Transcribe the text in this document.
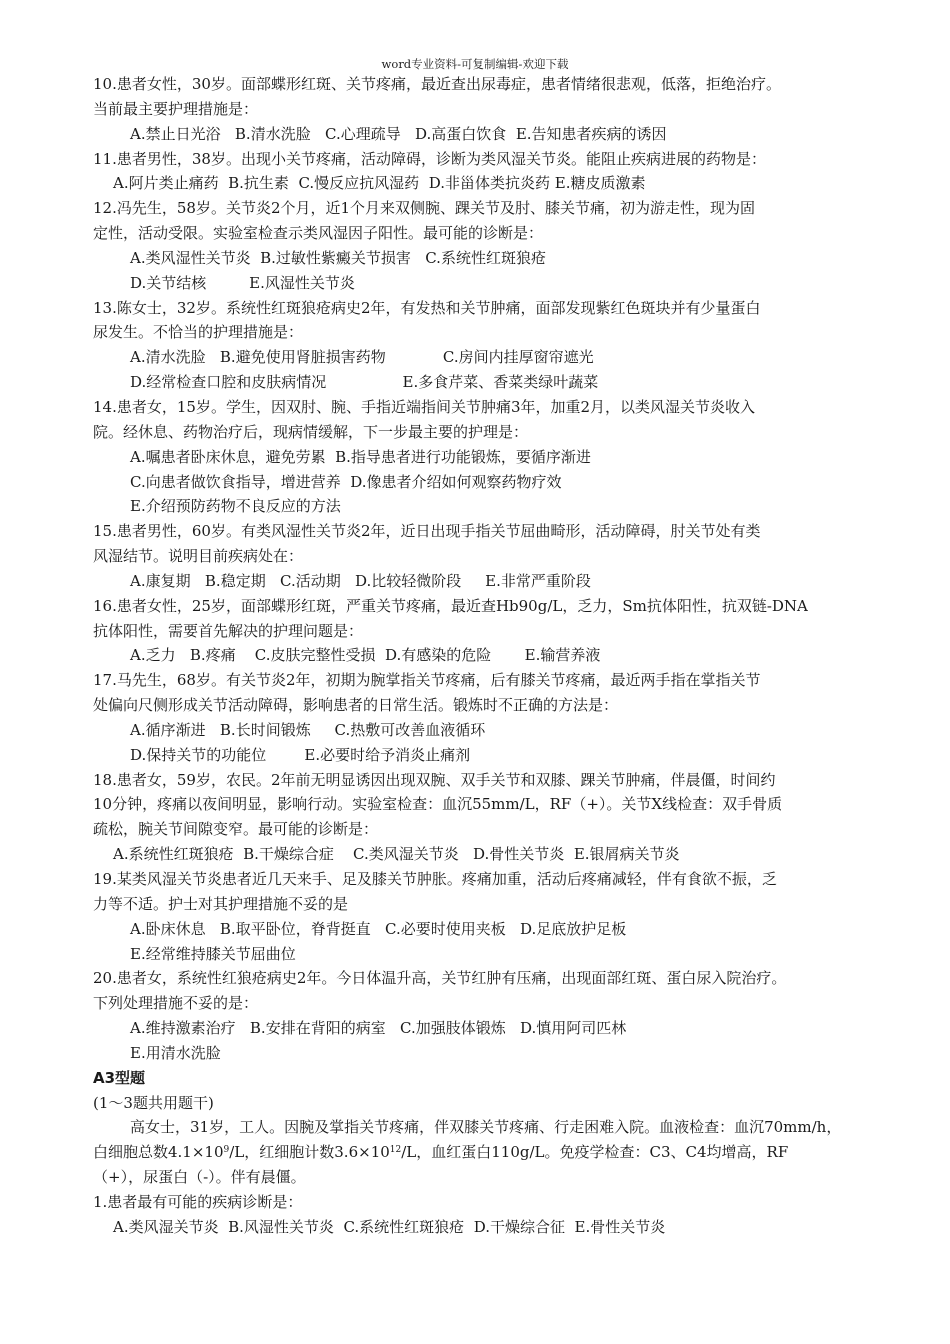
word专业资料-可复制编辑-欢迎下载
10.患者女性，30岁。面部蝶形红斑、关节疼痛，最近查出尿毒症，患者情绪很悲观，低落，拒绝治疗。
当前最主要护理措施是：
A.禁止日光浴   B.清水洗脸   C.心理疏导   D.高蛋白饮食  E.告知患者疾病的诱因
11.患者男性，38岁。出现小关节疼痛，活动障碍，诊断为类风湿关节炎。能阻止疾病进展的药物是：
A.阿片类止痛药  B.抗生素  C.慢反应抗风湿药  D.非甾体类抗炎药 E.糖皮质激素
12.冯先生，58岁。关节炎2个月，近1个月来双侧腕、踝关节及肘、膝关节痛，初为游走性，现为固
定性，活动受限。实验室检查示类风湿因子阳性。最可能的诊断是：
A.类风湿性关节炎  B.过敏性紫癜关节损害   C.系统性红斑狼疮
D.关节结核         E.风湿性关节炎
13.陈女士，32岁。系统性红斑狼疮病史2年，有发热和关节肿痛，面部发现紫红色斑块并有少量蛋白
尿发生。不恰当的护理措施是：
A.清水洗脸   B.避免使用肾脏损害药物            C.房间内挂厚窗帘遮光
D.经常检查口腔和皮肤病情况                E.多食芹菜、香菜类绿叶蔬菜
14.患者女，15岁。学生，因双肘、腕、手指近端指间关节肿痛3年，加重2月，以类风湿关节炎收入
院。经休息、药物治疗后，现病情缓解，下一步最主要的护理是：
A.嘱患者卧床休息，避免劳累  B.指导患者进行功能锻炼，要循序渐进
C.向患者做饮食指导，增进营养  D.像患者介绍如何观察药物疗效
E.介绍预防药物不良反应的方法
15.患者男性，60岁。有类风湿性关节炎2年，近日出现手指关节屈曲畸形，活动障碍，肘关节处有类
风湿结节。说明目前疾病处在：
A.康复期   B.稳定期   C.活动期   D.比较轻微阶段     E.非常严重阶段
16.患者女性，25岁，面部蝶形红斑，严重关节疼痛，最近查Hb90g/L，乏力，Sm抗体阳性，抗双链-DNA
抗体阳性，需要首先解决的护理问题是：
A.乏力   B.疼痛    C.皮肤完整性受损  D.有感染的危险       E.输营养液
17.马先生，68岁。有关节炎2年，初期为腕掌指关节疼痛，后有膝关节疼痛，最近两手指在掌指关节
处偏向尺侧形成关节活动障碍，影响患者的日常生活。锻炼时不正确的方法是：
A.循序渐进   B.长时间锻炼     C.热敷可改善血液循环
D.保持关节的功能位        E.必要时给予消炎止痛剂
18.患者女，59岁，农民。2年前无明显诱因出现双腕、双手关节和双膝、踝关节肿痛，伴晨僵，时间约
10分钟，疼痛以夜间明显，影响行动。实验室检查：血沉55mm/L，RF（+）。关节X线检查：双手骨质
疏松，腕关节间隙变窄。最可能的诊断是：
A.系统性红斑狼疮  B.干燥综合症    C.类风湿关节炎   D.骨性关节炎  E.银屑病关节炎
19.某类风湿关节炎患者近几天来手、足及膝关节肿胀。疼痛加重，活动后疼痛减轻，伴有食欲不振，乏
力等不适。护士对其护理措施不妥的是
A.卧床休息   B.取平卧位，脊背挺直   C.必要时使用夹板   D.足底放护足板
E.经常维持膝关节屈曲位
20.患者女，系统性红狼疮病史2年。今日体温升高，关节红肿有压痛，出现面部红斑、蛋白尿入院治疗。
下列处理措施不妥的是：
A.维持激素治疗   B.安排在背阳的病室   C.加强肢体锻炼   D.慎用阿司匹林
E.用清水洗脸
A3型题
(1～3题共用题干)
高女士，31岁，工人。因腕及掌指关节疼痛，伴双膝关节疼痛、行走困难入院。血液检查：血沉70mm/h，
白细胞总数$4.1\times 10^9/L$，红细胞计数$3.6\times 10^{12}/L$，血红蛋白110g/L。免疫学检查：C3、C4均增高，RF
（+），尿蛋白（-）。伴有晨僵。
1.患者最有可能的疾病诊断是：
A.类风湿关节炎  B.风湿性关节炎  C.系统性红斑狼疮  D.干燥综合征  E.骨性关节炎
